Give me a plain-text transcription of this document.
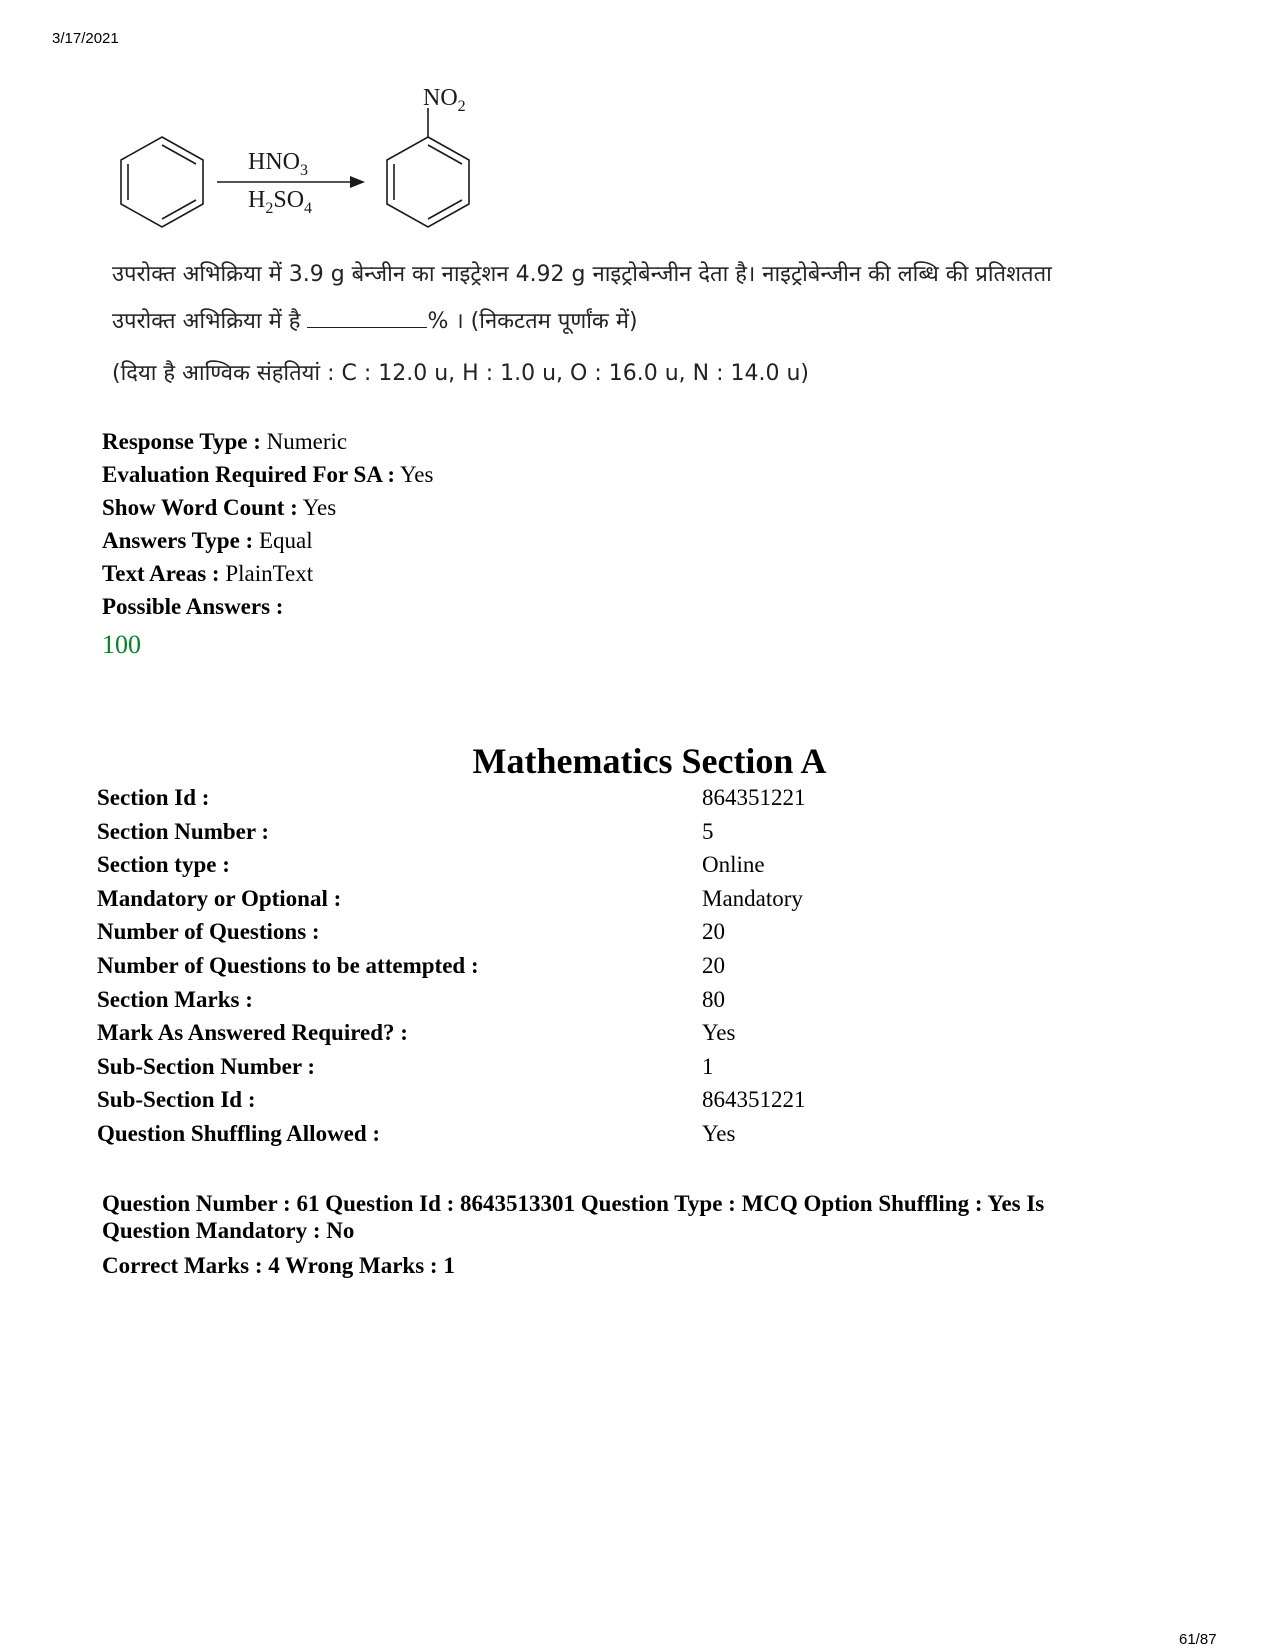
3/17/2021
$HNO_3$
$H_2SO_4$
$NO_2$
उपरोक्त अभिक्रिया में 3.9 g बेन्जीन का नाइट्रेशन 4.92 g नाइट्रोबेन्जीन देता है। नाइट्रोबेन्जीन की लब्धि की प्रतिशतता
उपरोक्त अभिक्रिया में है	% । (निकटतम पूर्णांक में)
(दिया है आण्विक संहतियां : C : 12.0 u, H : 1.0 u, O : 16.0 u, N : 14.0 u)
Response Type : Numeric
Evaluation Required For SA : Yes
Show Word Count : Yes
Answers Type : Equal
Text Areas : PlainText
Possible Answers :
100
Mathematics Section A
Section Id :	864351221
Section Number :	5
Section type :	Online
Mandatory or Optional :	Mandatory
Number of Questions :	20
Number of Questions to be attempted :	20
Section Marks :	80
Mark As Answered Required? :	Yes
Sub-Section Number :	1
Sub-Section Id :	864351221
Question Shuffling Allowed :	Yes
Question Number : 61 Question Id : 8643513301 Question Type : MCQ Option Shuffling : Yes Is
Question Mandatory : No
Correct Marks : 4 Wrong Marks : 1
61/87
